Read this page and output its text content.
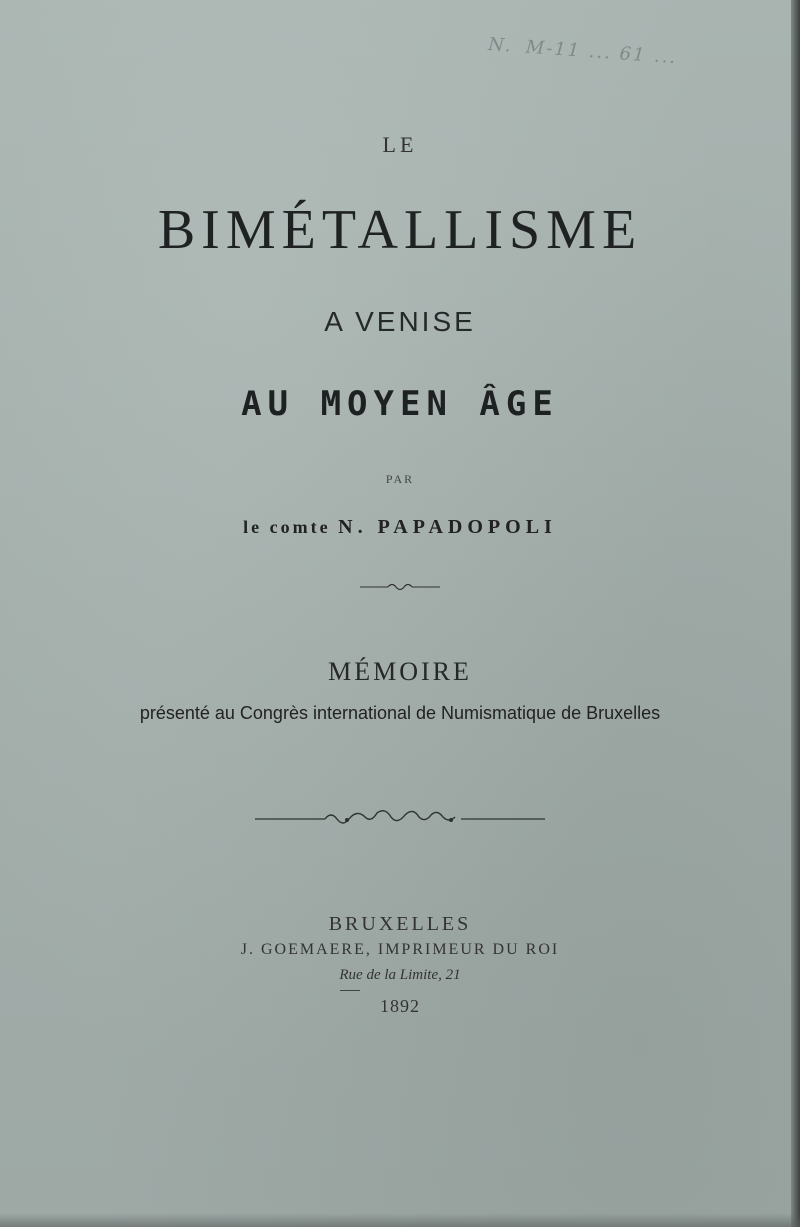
N.  M-11 ... 61 ...
LE
BIMÉTALLISME
A VENISE
AU MOYEN ÂGE
PAR
le comte N. PAPADOPOLI
MÉMOIRE
présenté au Congrès international de Numismatique de Bruxelles
BRUXELLES
J. GOEMAERE, IMPRIMEUR DU ROI
Rue de la Limite, 21
1892
